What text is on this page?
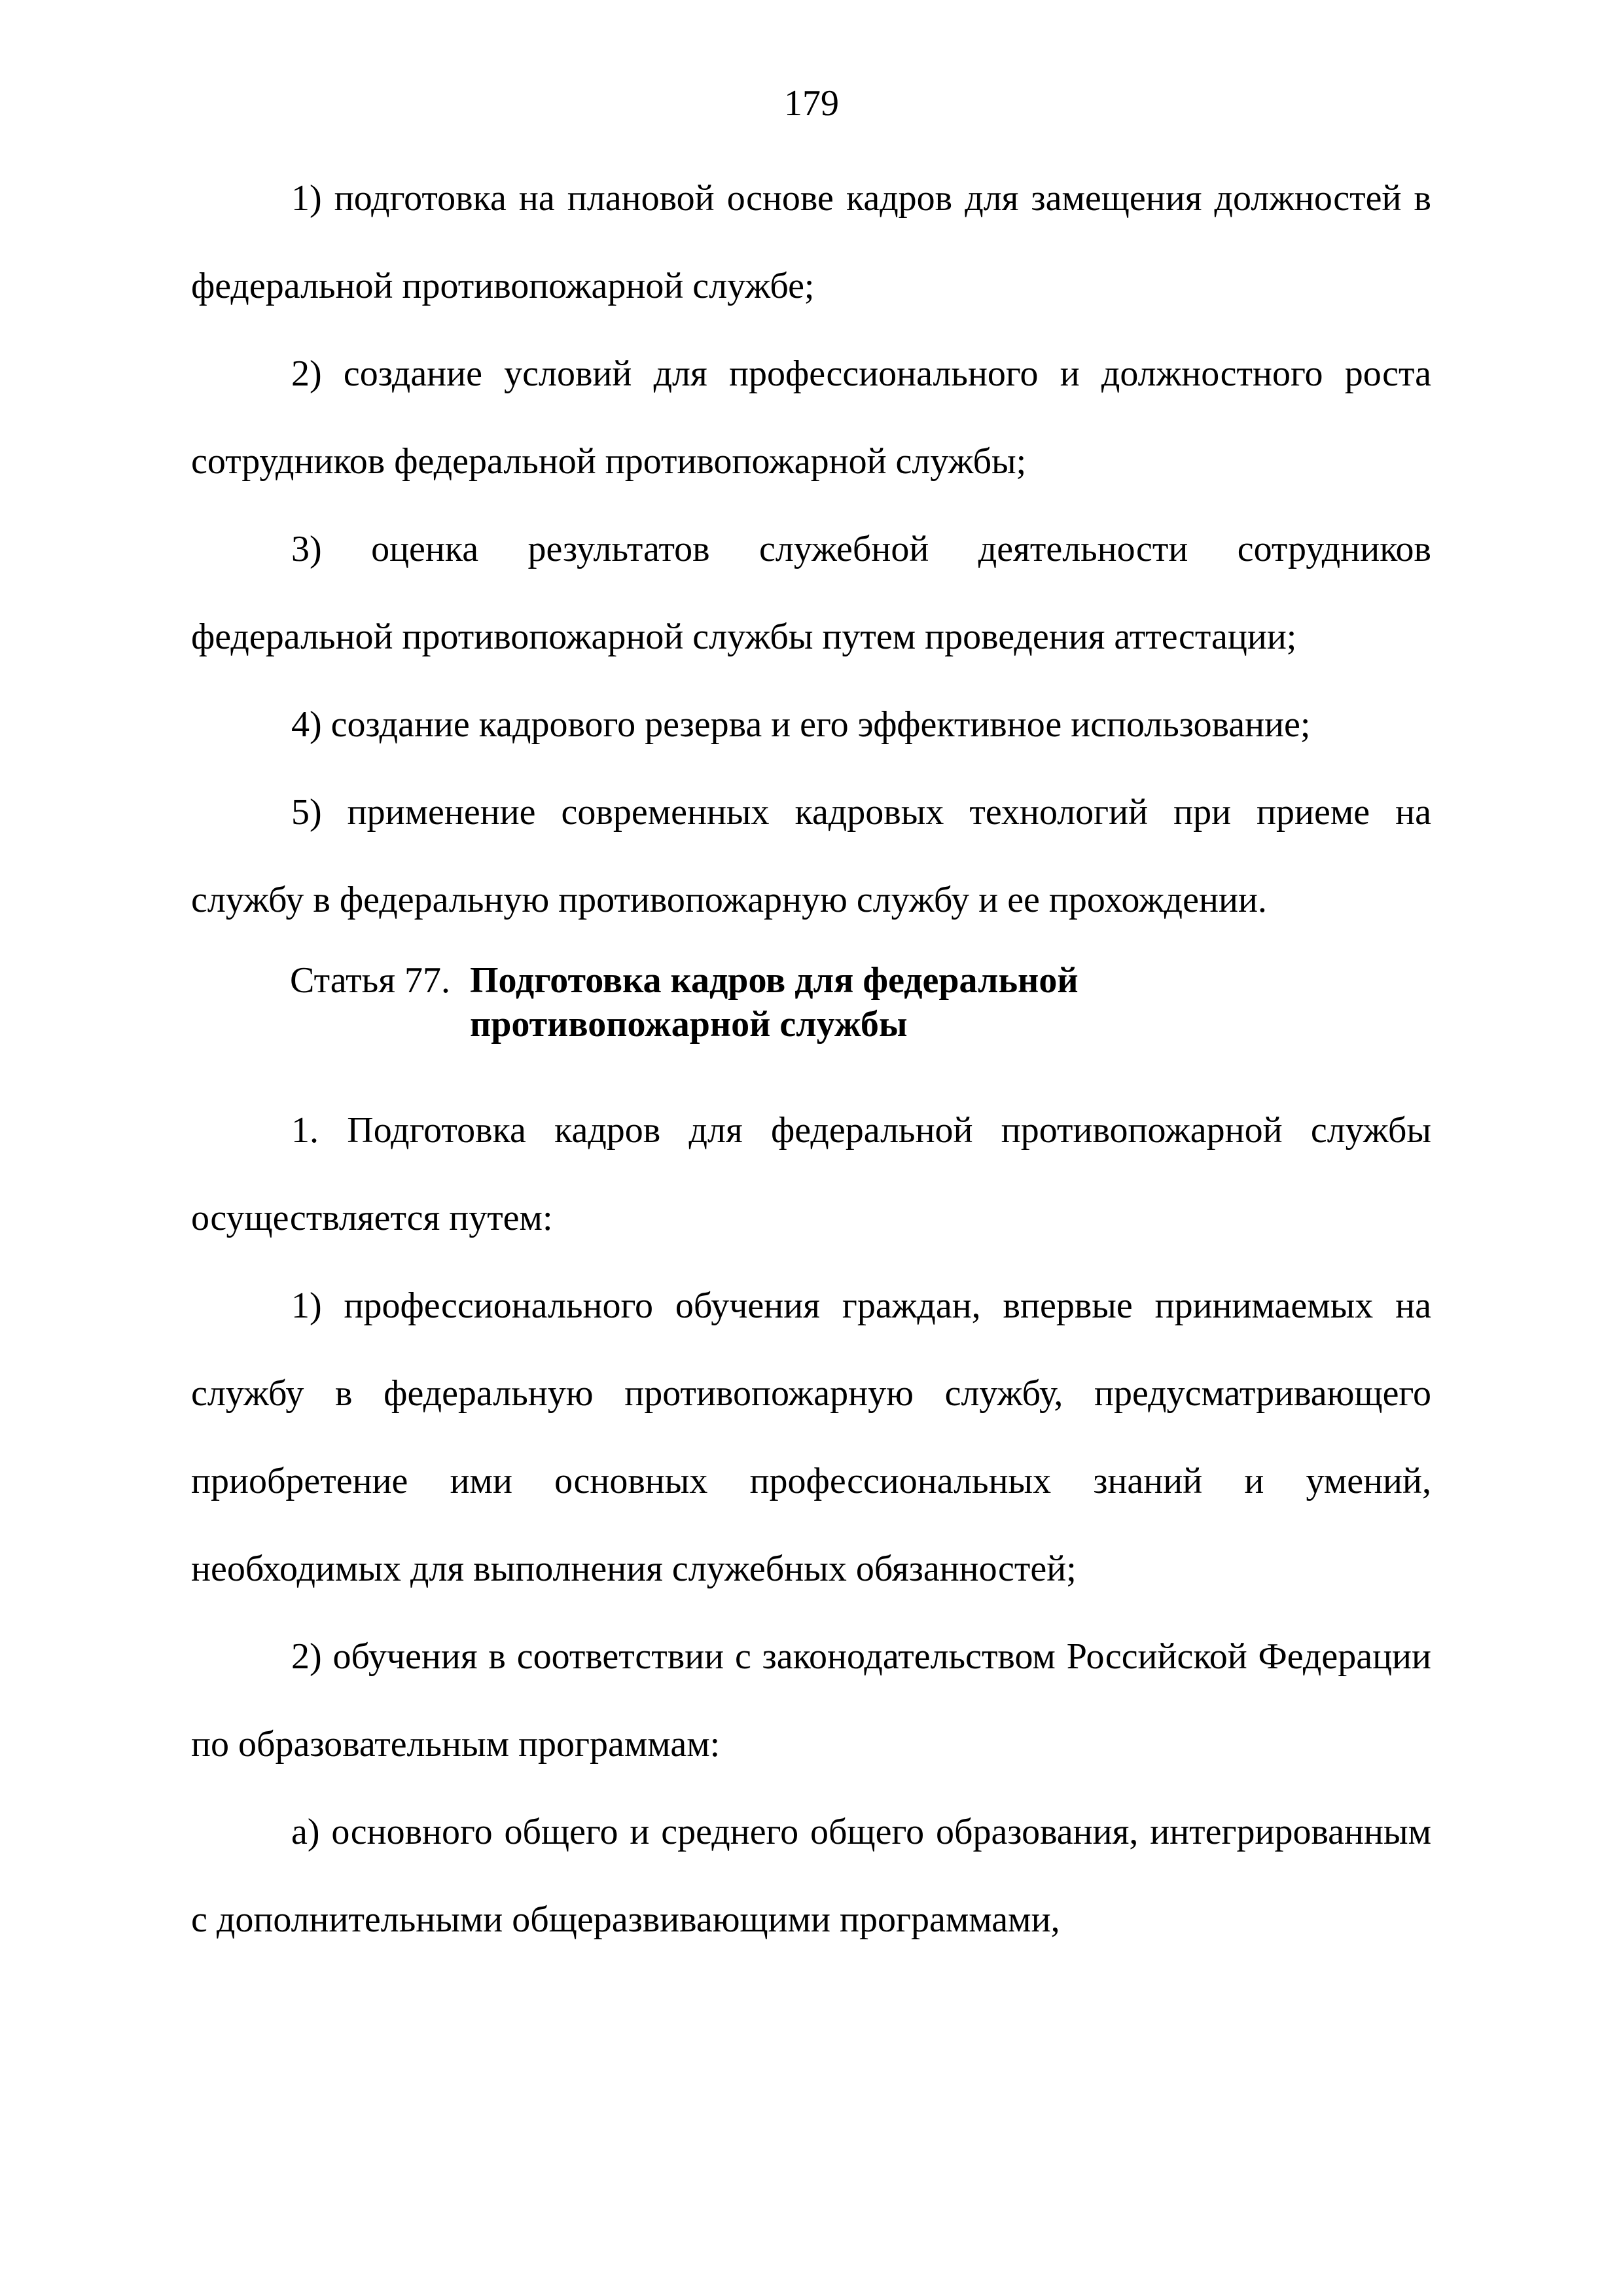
179

1) подготовка на плановой основе кадров для замещения должностей в федеральной противопожарной службе;

2) создание условий для профессионального и должностного роста сотрудников федеральной противопожарной службы;

3) оценка результатов служебной деятельности сотрудников федеральной противопожарной службы путем проведения аттестации;

4) создание кадрового резерва и его эффективное использование;

5) применение современных кадровых технологий при приеме на службу в федеральную противопожарную службу и ее прохождении.

Статья 77. Подготовка кадров для федеральной противопожарной службы

1. Подготовка кадров для федеральной противопожарной службы осуществляется путем:

1) профессионального обучения граждан, впервые принимаемых на службу в федеральную противопожарную службу, предусматривающего приобретение ими основных профессиональных знаний и умений, необходимых для выполнения служебных обязанностей;

2) обучения в соответствии с законодательством Российской Федерации по образовательным программам:

а) основного общего и среднего общего образования, интегрированным с дополнительными общеразвивающими программами,
